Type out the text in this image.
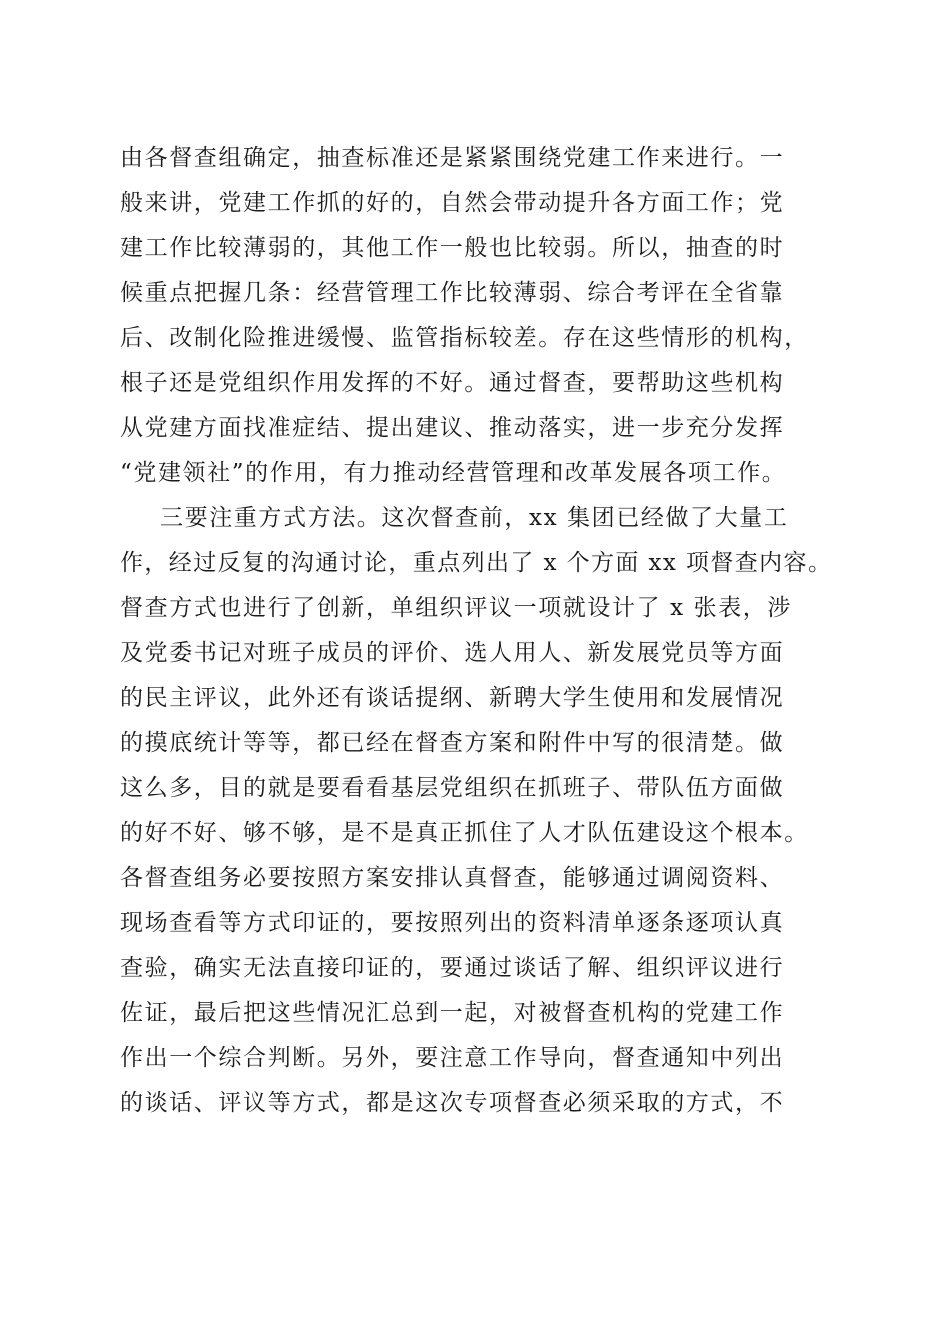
由各督查组确定，抽查标准还是紧紧围绕党建工作来进行。一
般来讲，党建工作抓的好的，自然会带动提升各方面工作；党
建工作比较薄弱的，其他工作一般也比较弱。所以，抽查的时
候重点把握几条：经营管理工作比较薄弱、综合考评在全省靠
后、改制化险推进缓慢、监管指标较差。存在这些情形的机构，
根子还是党组织作用发挥的不好。通过督查，要帮助这些机构
从党建方面找准症结、提出建议、推动落实，进一步充分发挥
“党建领社”的作用，有力推动经营管理和改革发展各项工作。
三要注重方式方法。这次督查前，xx 集团已经做了大量工
作，经过反复的沟通讨论，重点列出了 x 个方面 xx 项督查内容。
督查方式也进行了创新，单组织评议一项就设计了 x 张表，涉
及党委书记对班子成员的评价、选人用人、新发展党员等方面
的民主评议，此外还有谈话提纲、新聘大学生使用和发展情况
的摸底统计等等，都已经在督查方案和附件中写的很清楚。做
这么多，目的就是要看看基层党组织在抓班子、带队伍方面做
的好不好、够不够，是不是真正抓住了人才队伍建设这个根本。
各督查组务必要按照方案安排认真督查，能够通过调阅资料、
现场查看等方式印证的，要按照列出的资料清单逐条逐项认真
查验，确实无法直接印证的，要通过谈话了解、组织评议进行
佐证，最后把这些情况汇总到一起，对被督查机构的党建工作
作出一个综合判断。另外，要注意工作导向，督查通知中列出
的谈话、评议等方式，都是这次专项督查必须采取的方式，不
